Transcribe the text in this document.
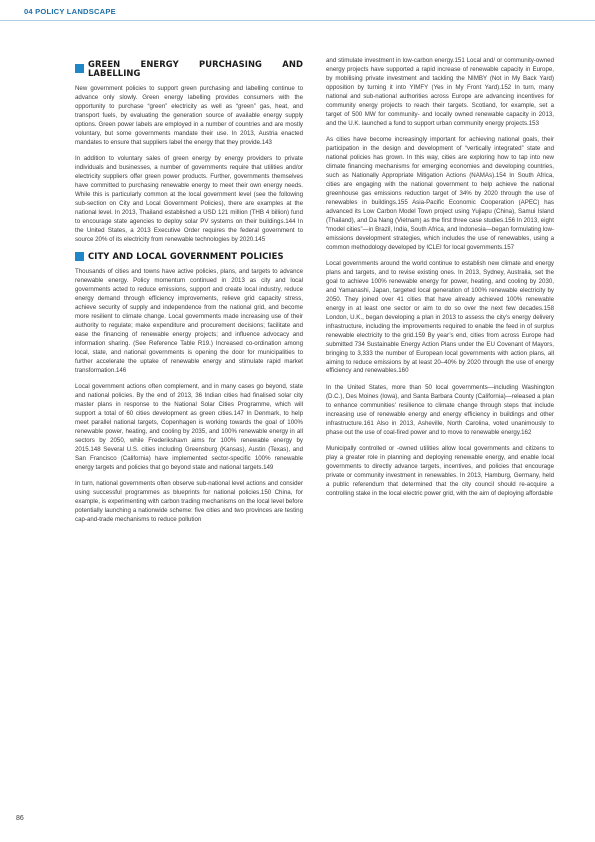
04 POLICY LANDSCAPE
GREEN ENERGY PURCHASING AND LABELLING

New government policies to support green purchasing and labelling continue to advance only slowly. Green energy labelling provides consumers with the opportunity to purchase “green” electricity as well as “green” gas, heat, and transport fuels, by evaluating the generation source of available energy supply options. Green power labels are employed in a number of countries and are mostly voluntary, but some governments mandate their use. In 2013, Austria enacted mandates to ensure that suppliers label the energy that they provide.143

In addition to voluntary sales of green energy by energy providers to private individuals and businesses, a number of governments require that utilities and/or electricity suppliers offer green power products. Further, governments themselves have committed to purchasing renewable energy to meet their own energy needs. While this is particularly common at the local government level (see the following sub-section on City and Local Government Policies), there are examples at the national level. In 2013, Thailand established a USD 121 million (THB 4 billion) fund to encourage state agencies to deploy solar PV systems on their buildings.144 In the United States, a 2013 Executive Order requires the federal government to source 20% of its electricity from renewable technologies by 2020.145

CITY AND LOCAL GOVERNMENT POLICIES

Thousands of cities and towns have active policies, plans, and targets to advance renewable energy. Policy momentum continued in 2013 as city and local governments acted to reduce emissions, support and create local industry, reduce energy demand through efficiency improvements, relieve grid capacity stress, achieve security of supply and independence from the national grid, and become more resilient to climate change. Local governments made increasing use of their authority to regulate; make expenditure and procurement decisions; facilitate and ease the financing of renewable energy projects; and influence advocacy and information sharing. (See Reference Table R19.) Increased co-ordination among local, state, and national governments is opening the door for municipalities to further accelerate the uptake of renewable energy and stimulate rapid market transformation.146

Local government actions often complement, and in many cases go beyond, state and national policies. By the end of 2013, 36 Indian cities had finalised solar city master plans in response to the National Solar Cities Programme, which will support a total of 60 cities development as green cities.147 In Denmark, to help meet parallel national targets, Copenhagen is working towards the goal of 100% renewable power, heating, and cooling by 2035, and 100% renewable energy in all sectors by 2050, while Frederikshavn aims for 100% renewable energy by 2015.148 Several U.S. cities including Greensburg (Kansas), Austin (Texas), and San Francisco (California) have implemented sector-specific 100% renewable energy targets and policies that go beyond state and national targets.149

In turn, national governments often observe sub-national level actions and consider using successful programmes as blueprints for national policies.150 China, for example, is experimenting with carbon trading mechanisms on the local level before potentially launching a nationwide scheme: five cities and two provinces are testing cap-and-trade mechanisms to reduce pollution

and stimulate investment in low-carbon energy.151 Local and/ or community-owned energy projects have supported a rapid increase of renewable capacity in Europe, by mobilising private investment and tackling the NIMBY (Not in My Back Yard) opposition by turning it into YIMFY (Yes in My Front Yard).152 In turn, many national and sub-national authorities across Europe are advancing incentives for community energy projects to reach their targets. Scotland, for example, set a target of 500 MW for community- and locally owned renewable capacity in 2013, and the U.K. launched a fund to support urban community energy projects.153

As cities have become increasingly important for achieving national goals, their participation in the design and development of “vertically integrated” state and national policies has grown. In this way, cities are exploring how to tap into new climate financing mechanisms for emerging economies and developing countries, such as Nationally Appropriate Mitigation Actions (NAMAs).154 In South Africa, cities are engaging with the national government to help achieve the national greenhouse gas emissions reduction target of 34% by 2020 through the use of renewables in buildings.155 Asia-Pacific Economic Cooperation (APEC) has advanced its Low Carbon Model Town project using Yujiapu (China), Samui Island (Thailand), and Da Nang (Vietnam) as the first three case studies.156 In 2013, eight “model cities”—in Brazil, India, South Africa, and Indonesia—began formulating low-emissions development strategies, which includes the use of renewables, using a common methodology developed by ICLEI for local governments.157

Local governments around the world continue to establish new climate and energy plans and targets, and to revise existing ones. In 2013, Sydney, Australia, set the goal to achieve 100% renewable energy for power, heating, and cooling by 2030, and Yamanashi, Japan, targeted local generation of 100% renewable electricity by 2050. They joined over 41 cities that have already achieved 100% renewable energy in at least one sector or aim to do so over the next few decades.158 London, U.K., began developing a plan in 2013 to assess the city’s energy delivery infrastructure, including the improvements required to enable the feed in of surplus renewable electricity to the grid.159 By year’s end, cities from across Europe had submitted 734 Sustainable Energy Action Plans under the EU Covenant of Mayors, bringing to 3,333 the number of European local governments with action plans, all aiming to reduce emissions by at least 20–40% by 2020 through the use of energy efficiency and renewables.160

In the United States, more than 50 local governments—including Washington (D.C.), Des Moines (Iowa), and Santa Barbara County (California)—released a plan to enhance communities’ resilience to climate change through steps that include increasing use of renewable energy and energy efficiency in buildings and other infrastructure.161 Also in 2013, Asheville, North Carolina, voted unanimously to phase out the use of coal-fired power and to move to renewable energy.162

Municipally controlled or -owned utilities allow local governments and citizens to play a greater role in planning and deploying renewable energy, and enable local governments to directly advance targets, incentives, and policies that encourage private or community investment in renewables. In 2013, Hamburg, Germany, held a public referendum that determined that the city council should re-acquire a controlling stake in the local electric power grid, with the aim of deploying affordable

86
